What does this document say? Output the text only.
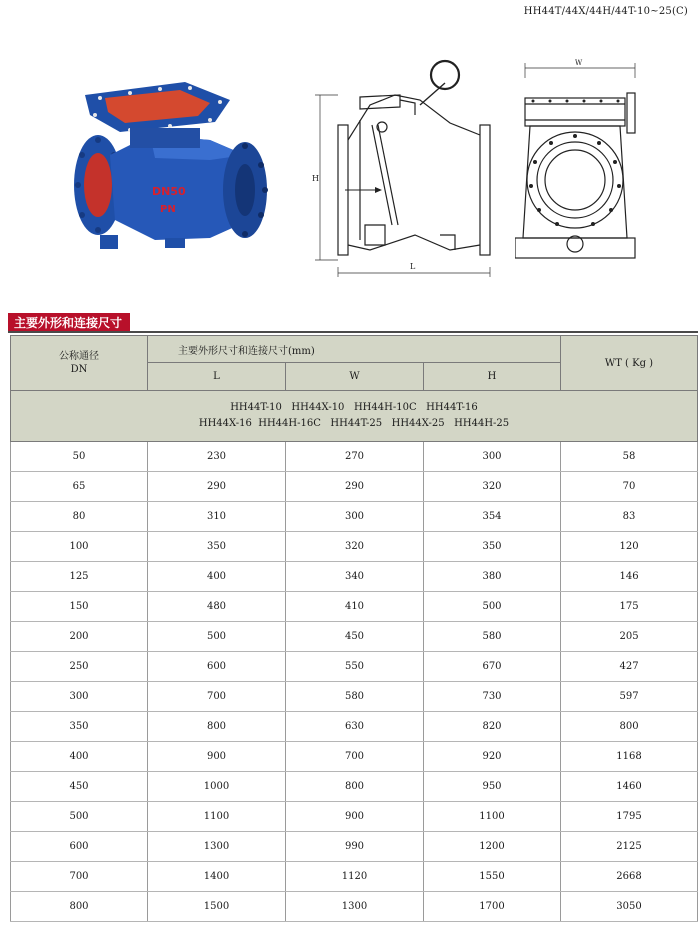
HH44T/44X/44H/44T-10~25(C)
DN50
PN
H
L
W
主要外形和连接尺寸
公称通径
DN	主要外形尺寸和连接尺寸(mm)			WT ( Kg )
	L	W	H	
HH44T-10   HH44X-10   HH44H-10C   HH44T-16
HH44X-16  HH44H-16C   HH44T-25   HH44X-25   HH44H-25				
50	230	270	300	58
65	290	290	320	70
80	310	300	354	83
100	350	320	350	120
125	400	340	380	146
150	480	410	500	175
200	500	450	580	205
250	600	550	670	427
300	700	580	730	597
350	800	630	820	800
400	900	700	920	1168
450	1000	800	950	1460
500	1100	900	1100	1795
600	1300	990	1200	2125
700	1400	1120	1550	2668
800	1500	1300	1700	3050
